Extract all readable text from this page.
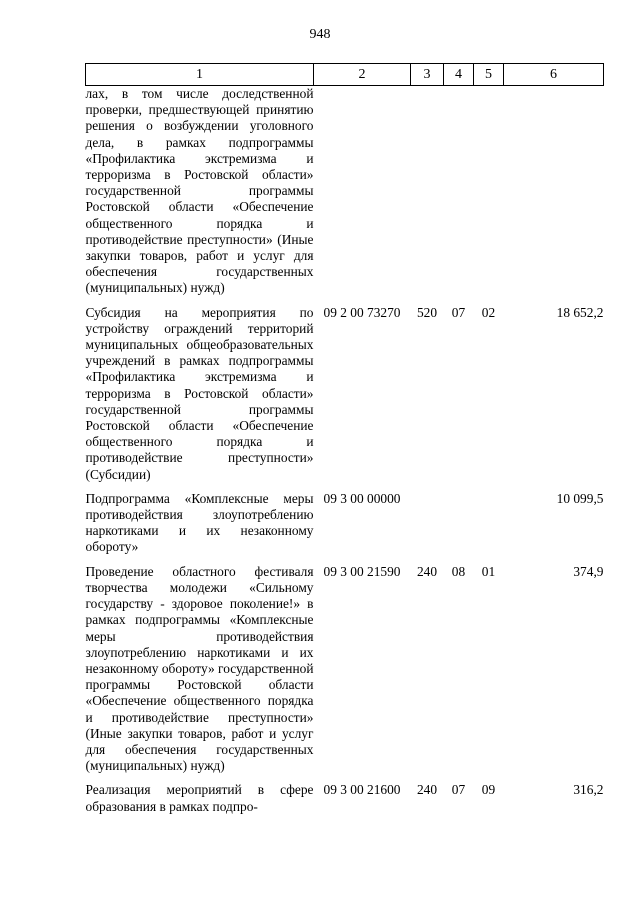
948
1	2	3	4	5	6

лах, в том числе доследственной проверки, предшествующей принятию решения о возбуждении уголовного дела, в рамках подпрограммы «Профилактика экстремизма и терроризма в Ростовской области» государственной программы Ростовской области «Обеспечение общественного порядка и противодействие преступности» (Иные закупки товаров, работ и услуг для обеспечения государственных (муниципальных) нужд)					

Субсидия на мероприятия по устройству ограждений территорий муниципальных общеобразовательных учреждений в рамках подпрограммы «Профилактика экстремизма и терроризма в Ростовской области» государственной программы Ростовской области «Обеспечение общественного порядка и противодействие преступности» (Субсидии)	09 2 00 73270	520	07	02	18 652,2

Подпрограмма «Комплексные меры противодействия злоупотреблению наркотиками и их незаконному обороту»	09 3 00 00000				10 099,5

Проведение областного фестиваля творчества молодежи «Сильному государству - здоровое поколение!» в рамках подпрограммы «Комплексные меры противодействия злоупотреблению наркотиками и их незаконному обороту» государственной программы Ростовской области «Обеспечение общественного порядка и противодействие преступности» (Иные закупки товаров, работ и услуг для обеспечения государственных (муниципальных) нужд)	09 3 00 21590	240	08	01	374,9

Реализация мероприятий в сфере образования в рамках подпро-	09 3 00 21600	240	07	09	316,2
